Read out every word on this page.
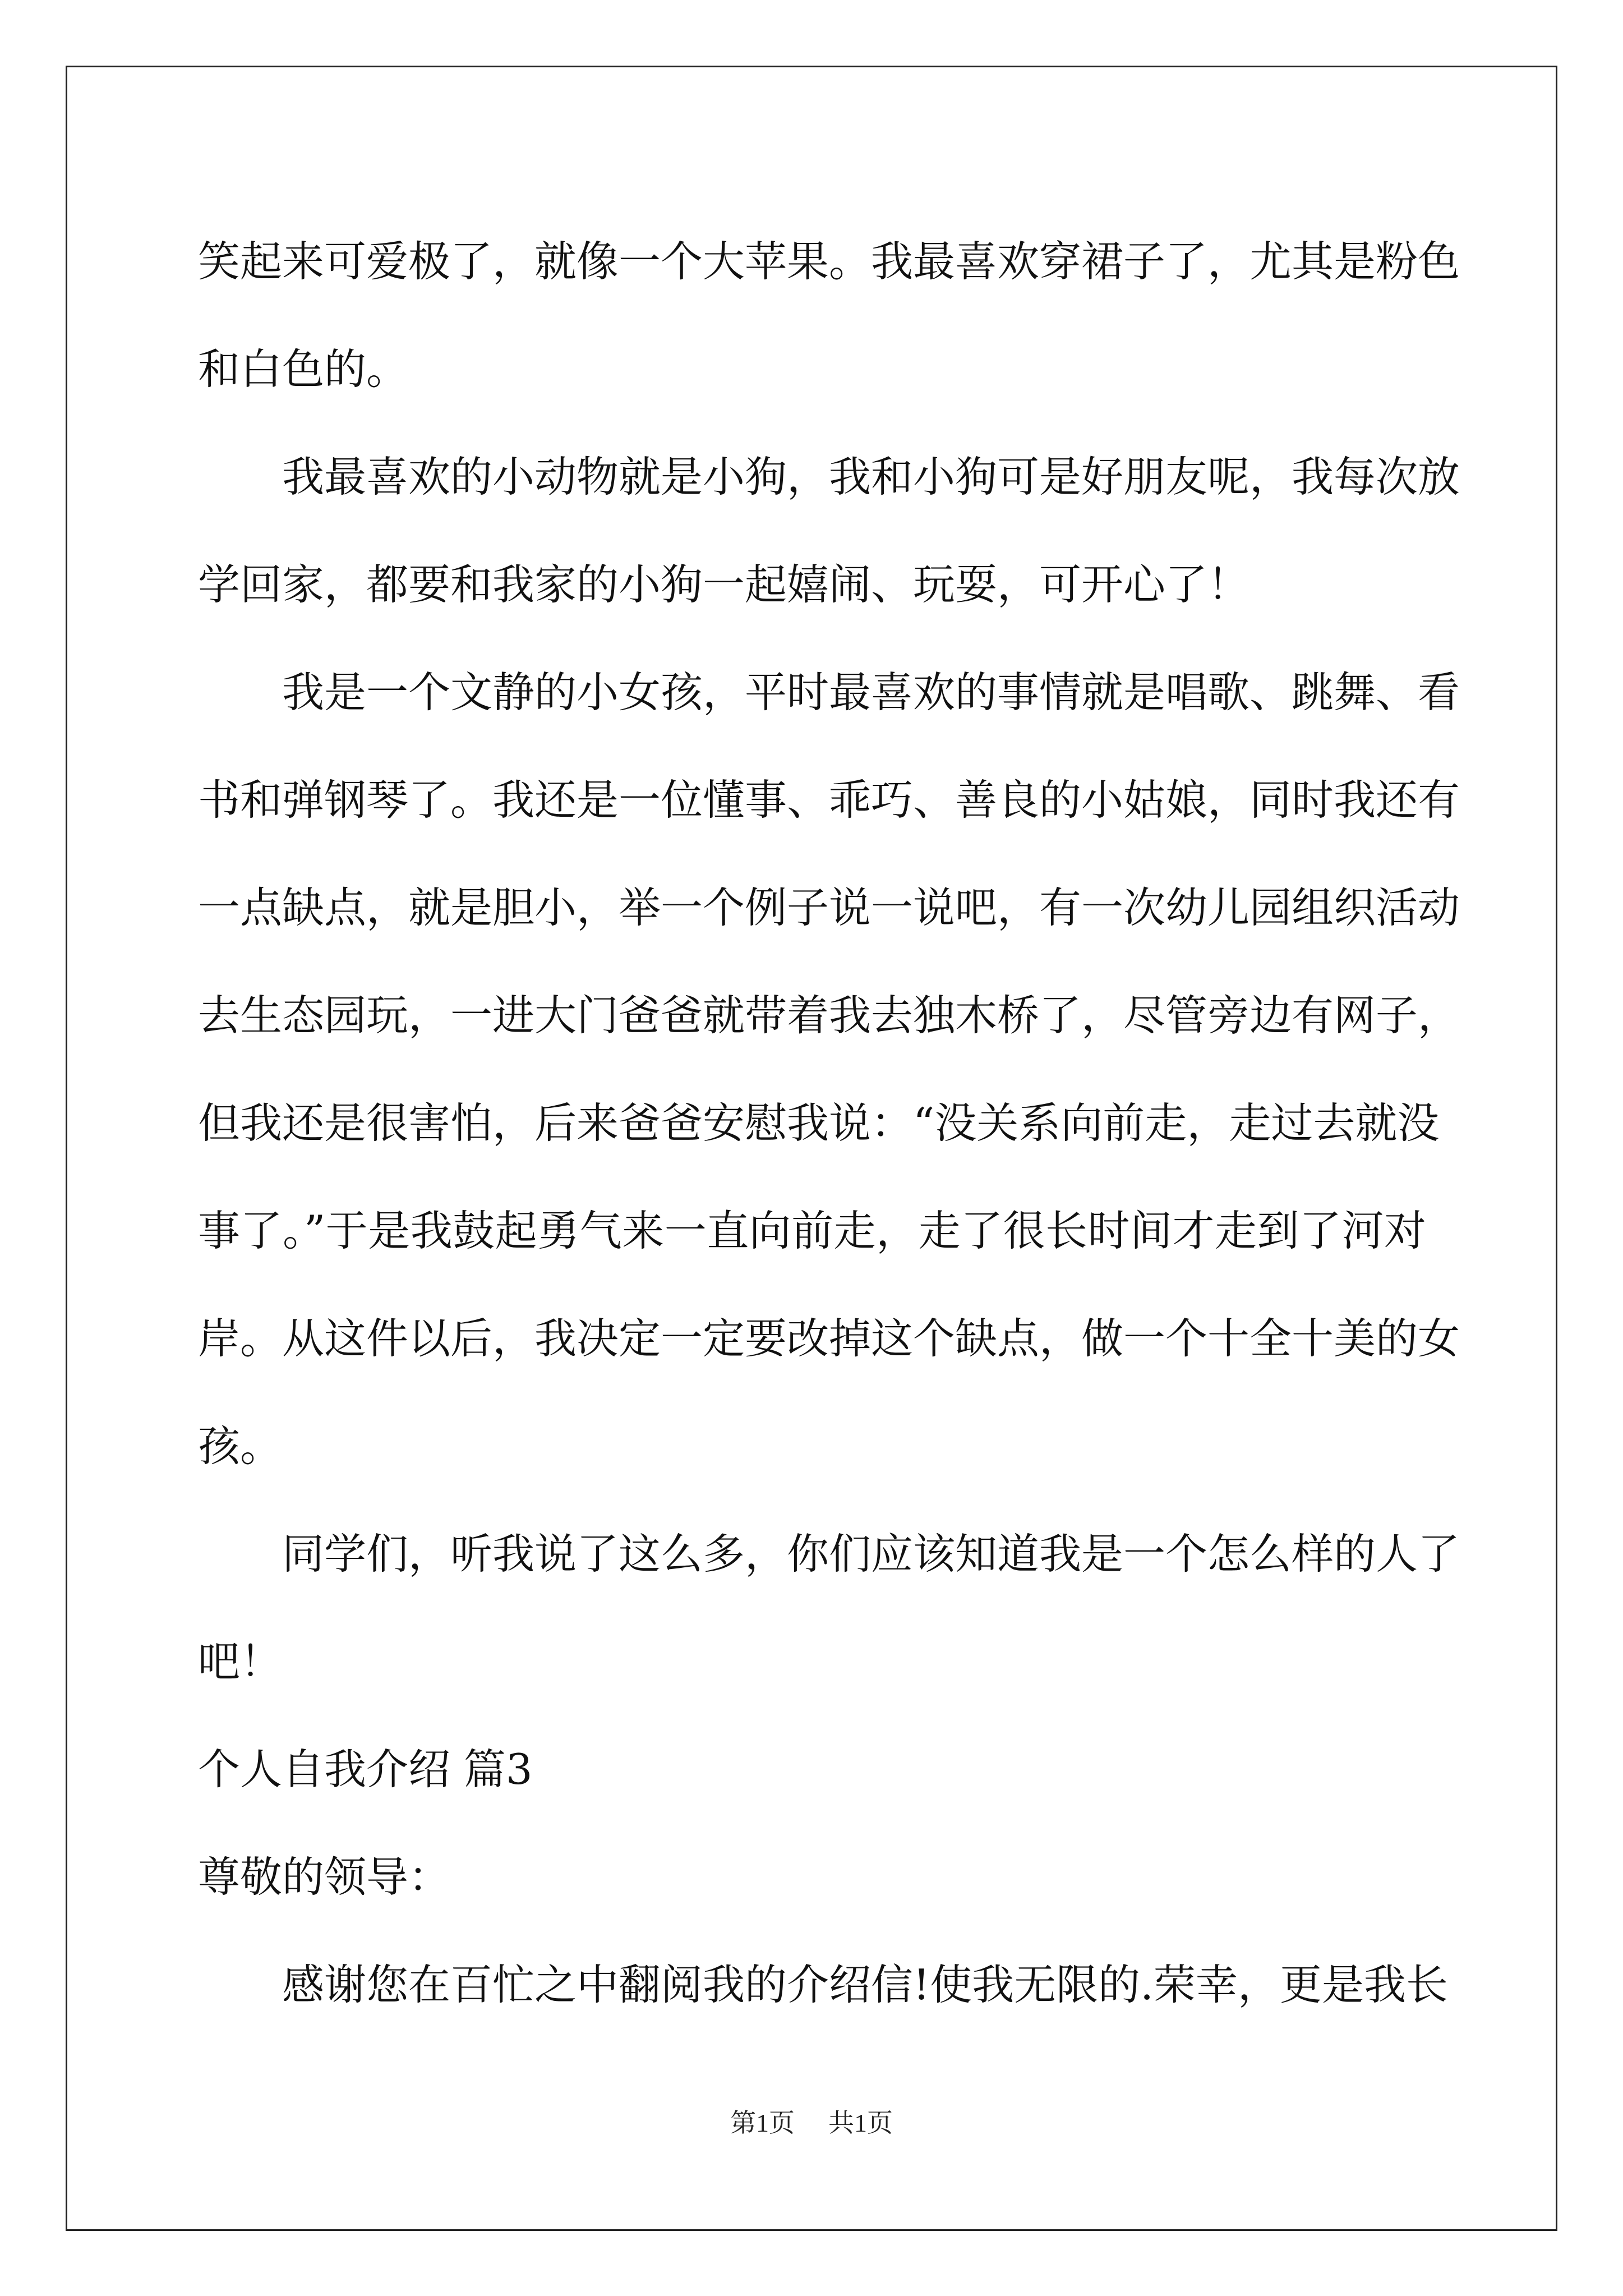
笑起来可爱极了，就像一个大苹果。我最喜欢穿裙子了，尤其是粉色
和白色的。
我最喜欢的小动物就是小狗，我和小狗可是好朋友呢，我每次放
学回家，都要和我家的小狗一起嬉闹、玩耍，可开心了！
我是一个文静的小女孩，平时最喜欢的事情就是唱歌、跳舞、看
书和弹钢琴了。我还是一位懂事、乖巧、善良的小姑娘，同时我还有
一点缺点，就是胆小，举一个例子说一说吧，有一次幼儿园组织活动
去生态园玩，一进大门爸爸就带着我去独木桥了，尽管旁边有网子，
但我还是很害怕，后来爸爸安慰我说：“没关系向前走，走过去就没
事了。”于是我鼓起勇气来一直向前走，走了很长时间才走到了河对
岸。从这件以后，我决定一定要改掉这个缺点，做一个十全十美的女
孩。
同学们，听我说了这么多，你们应该知道我是一个怎么样的人了
吧！
个人自我介绍 篇3
尊敬的领导：
感谢您在百忙之中翻阅我的介绍信!使我无限的.荣幸，更是我长
第1页 共1页
